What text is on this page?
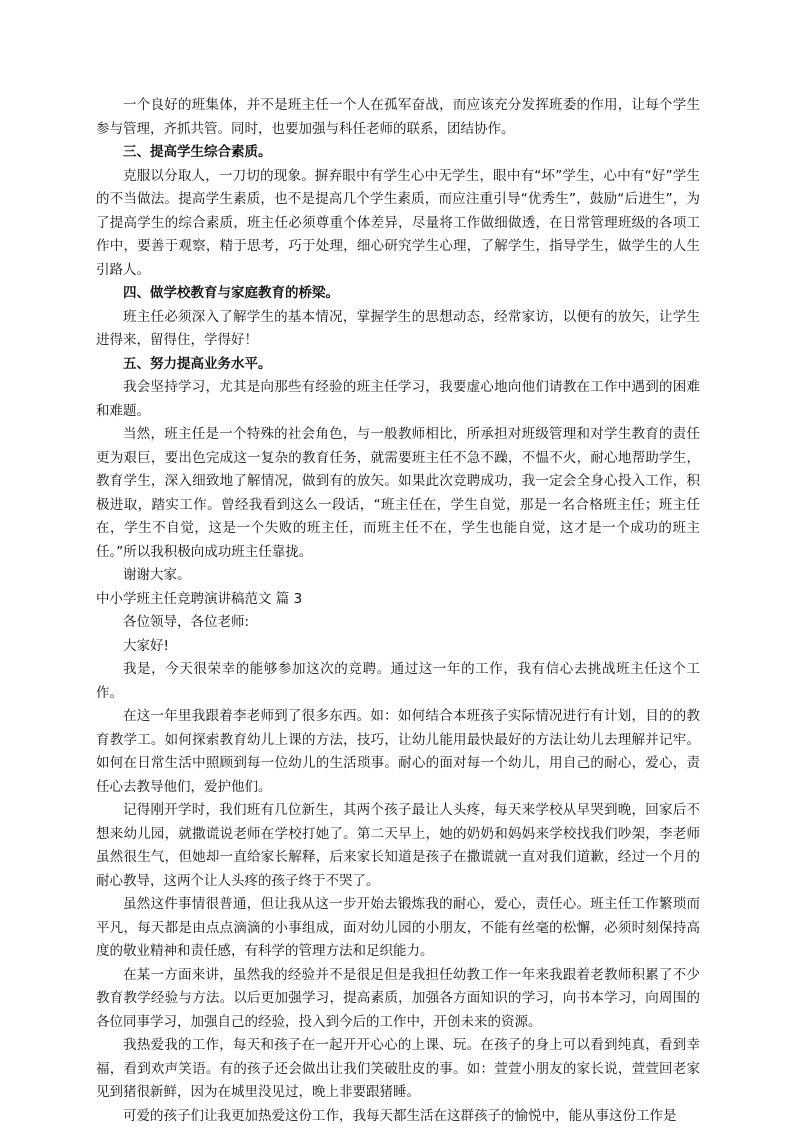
一个良好的班集体，并不是班主任一个人在孤军奋战，而应该充分发挥班委的作用，让每个学生参与管理，齐抓共管。同时，也要加强与科任老师的联系，团结协作。

三、提高学生综合素质。

克服以分取人，一刀切的现象。摒弃眼中有学生心中无学生，眼中有“坏”学生，心中有“好”学生的不当做法。提高学生素质，也不是提高几个学生素质，而应注重引导“优秀生”，鼓励“后进生”，为了提高学生的综合素质，班主任必须尊重个体差异，尽量将工作做细做透，在日常管理班级的各项工作中，要善于观察，精于思考，巧于处理，细心研究学生心理，了解学生，指导学生，做学生的人生引路人。

四、做学校教育与家庭教育的桥梁。

班主任必须深入了解学生的基本情况，掌握学生的思想动态，经常家访，以便有的放矢，让学生进得来，留得住，学得好！

五、努力提高业务水平。

我会坚持学习，尤其是向那些有经验的班主任学习，我要虚心地向他们请教在工作中遇到的困难和难题。

当然，班主任是一个特殊的社会角色，与一般教师相比，所承担对班级管理和对学生教育的责任更为艰巨，要出色完成这一复杂的教育任务，就需要班主任不急不躁，不愠不火，耐心地帮助学生，教育学生，深入细致地了解情况，做到有的放矢。如果此次竞聘成功，我一定会全身心投入工作，积极进取，踏实工作。曾经我看到这么一段话，“班主任在，学生自觉，那是一名合格班主任；班主任在，学生不自觉，这是一个失败的班主任，而班主任不在，学生也能自觉，这才是一个成功的班主任。”所以我积极向成功班主任靠拢。

谢谢大家。

中小学班主任竞聘演讲稿范文 篇 3

各位领导，各位老师:

大家好!

我是，今天很荣幸的能够参加这次的竞聘。通过这一年的工作，我有信心去挑战班主任这个工作。

在这一年里我跟着李老师到了很多东西。如：如何结合本班孩子实际情况进行有计划，目的的教育教学工。如何探索教育幼儿上课的方法，技巧，让幼儿能用最快最好的方法让幼儿去理解并记牢。如何在日常生活中照顾到每一位幼儿的生活琐事。耐心的面对每一个幼儿，用自己的耐心，爱心，责任心去教导他们，爱护他们。

记得刚开学时，我们班有几位新生，其两个孩子最让人头疼，每天来学校从早哭到晚，回家后不想来幼儿园，就撒谎说老师在学校打她了。第二天早上，她的奶奶和妈妈来学校找我们吵架，李老师虽然很生气，但她却一直给家长解释，后来家长知道是孩子在撒谎就一直对我们道歉，经过一个月的耐心教导，这两个让人头疼的孩子终于不哭了。

虽然这件事情很普通，但让我从这一步开始去锻炼我的耐心，爱心，责任心。班主任工作繁琐而平凡，每天都是由点点滴滴的小事组成，面对幼儿园的小朋友，不能有丝毫的松懈，必须时刻保持高度的敬业精神和责任感，有科学的管理方法和足织能力。

在某一方面来讲，虽然我的经验并不是很足但是我担任幼教工作一年来我跟着老教师积累了不少教育教学经验与方法。以后更加强学习，提高素质，加强各方面知识的学习，向书本学习，向周围的各位同事学习，加强自己的经验，投入到今后的工作中，开创未来的资源。

我热爱我的工作，每天和孩子在一起开开心心的上课、玩。在孩子的身上可以看到纯真，看到幸福，看到欢声笑语。有的孩子还会做出让我们笑破肚皮的事。如：萱萱小朋友的家长说，萱萱回老家见到猪很新鲜，因为在城里没见过，晚上非要跟猪睡。

可爱的孩子们让我更加热爱这份工作，我每天都生活在这群孩子的愉悦中，能从事这份工作是
